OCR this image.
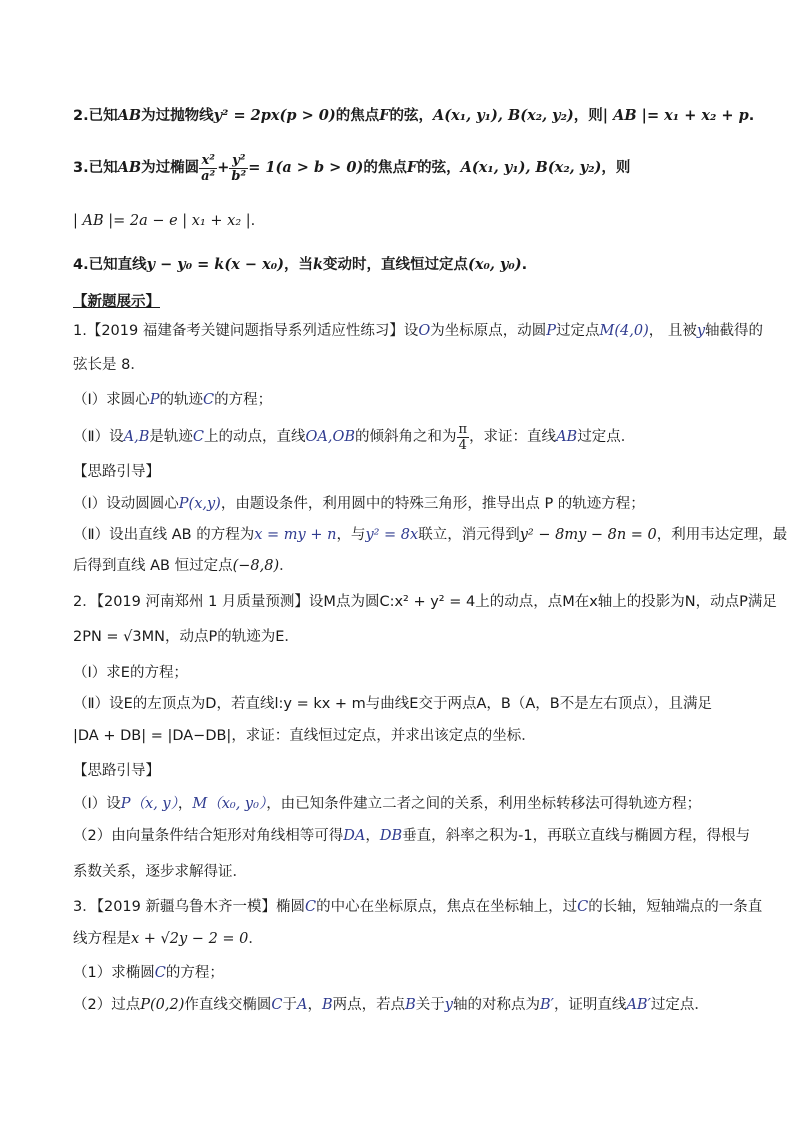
2.已知AB为过抛物线y² = 2px(p > 0)的焦点F的弦，A(x₁, y₁), B(x₂, y₂)，则| AB |= x₁ + x₂ + p.
3.已知AB为过椭圆 $\frac{\text{x²}}{\text{a²}} + \frac{\text{y²}}{\text{b²}} = 1(a > b > 0)$的焦点F的弦，A(x₁, y₁), B(x₂, y₂)，则
| AB |= 2a − e | x₁ + x₂ |.
4.已知直线y − y₀ = k(x − x₀)，当k变动时，直线恒过定点(x₀, y₀).
【新题展示】
1.【2019 福建备考关键问题指导系列适应性练习】设O为坐标原点，动圆P过定点M(4,0)， 且被y轴截得的
弦长是 8．
（Ⅰ）求圆心P的轨迹C的方程；
（Ⅱ）设A,B是轨迹C上的动点，直线OA,OB的倾斜角之和为 $\frac{\pi}{4}$ ，求证：直线AB过定点．
【思路引导】
（Ⅰ）设动圆圆心P(x,y)，由题设条件，利用圆中的特殊三角形，推导出点 P 的轨迹方程；
（Ⅱ）设出直线 AB 的方程为x = my + n，与y² = 8x联立，消元得到y² − 8my − 8n = 0，利用韦达定理，最
后得到直线 AB 恒过定点(−8,8)．
2．【2019 河南郑州 1 月质量预测】设M点为圆C:x² + y² = 4上的动点，点M在x轴上的投影为N，动点P满足
2PN = √3MN，动点P的轨迹为E．
（Ⅰ）求E的方程；
（Ⅱ）设E的左顶点为D，若直线l:y = kx + m与曲线E交于两点A，B（A，B不是左右顶点），且满足
|DA + DB| = |DA−DB|，求证：直线恒过定点，并求出该定点的坐标．
【思路引导】
（Ⅰ）设P（x, y），M（x₀, y₀），由已知条件建立二者之间的关系，利用坐标转移法可得轨迹方程；
（2）由向量条件结合矩形对角线相等可得DA，DB垂直，斜率之积为-1，再联立直线与椭圆方程，得根与
系数关系，逐步求解得证．
3．【2019 新疆乌鲁木齐一模】椭圆C的中心在坐标原点，焦点在坐标轴上，过C的长轴，短轴端点的一条直
线方程是x + √2y − 2 = 0．
（1）求椭圆C的方程；
（2）过点P(0,2)作直线交椭圆C于A，B两点，若点B关于y轴的对称点为B′，证明直线AB′过定点．
